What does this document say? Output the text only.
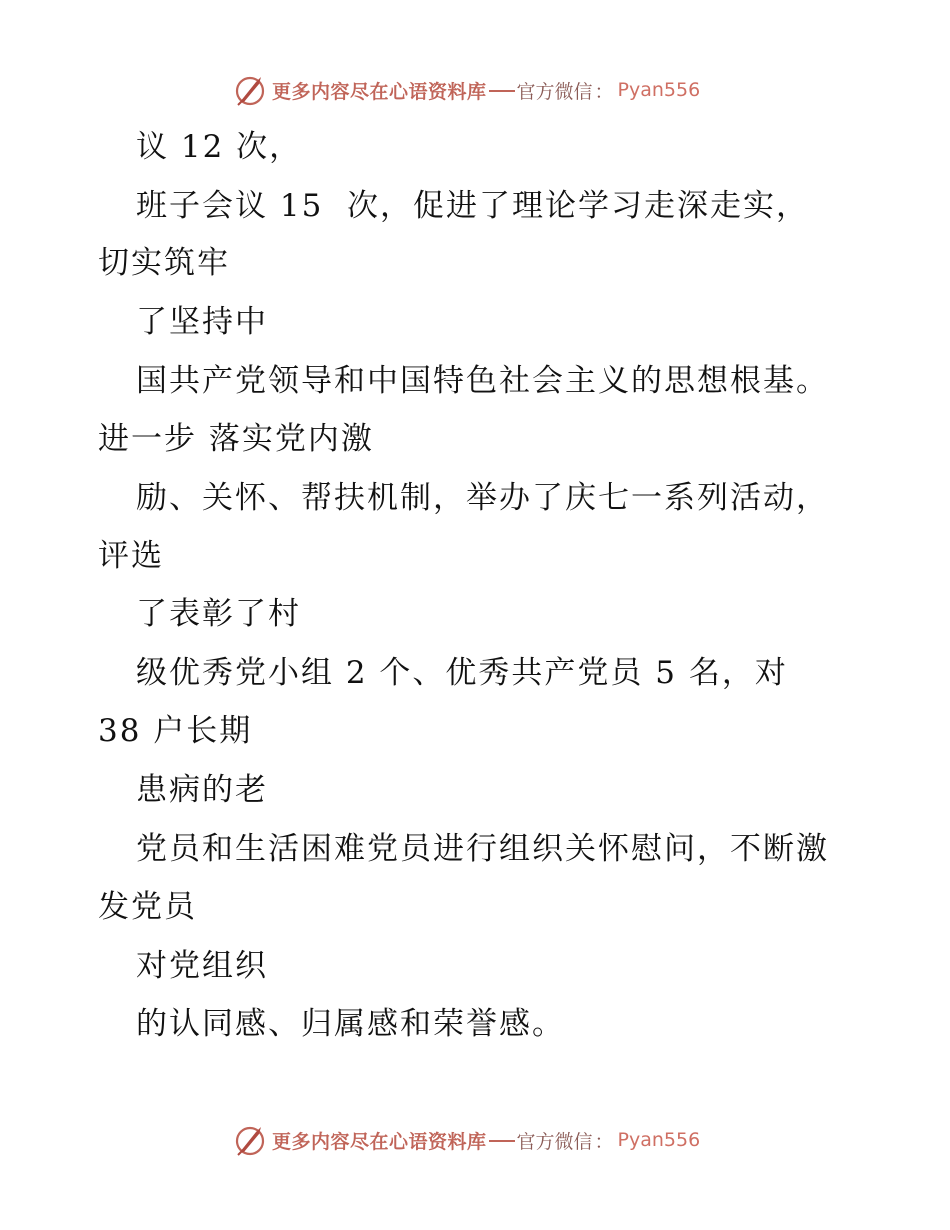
更多内容尽在心语资料库 官方微信 ： Pyan556
议 12 次，
班子会议 15  次，促进了理论学习走深走实，
切实筑牢
了坚持中
国共产党领导和中国特色社会主义的思想根基。
进一步 落实党内激
励、关怀、帮扶机制，举办了庆七一系列活动，
评选
了表彰了村
级优秀党小组 2 个、优秀共产党员 5 名，对
38 户长期
患病的老
党员和生活困难党员进行组织关怀慰问，不断激
发党员
对党组织
的认同感、归属感和荣誉感。
更多内容尽在心语资料库 官方微信 ： Pyan556
